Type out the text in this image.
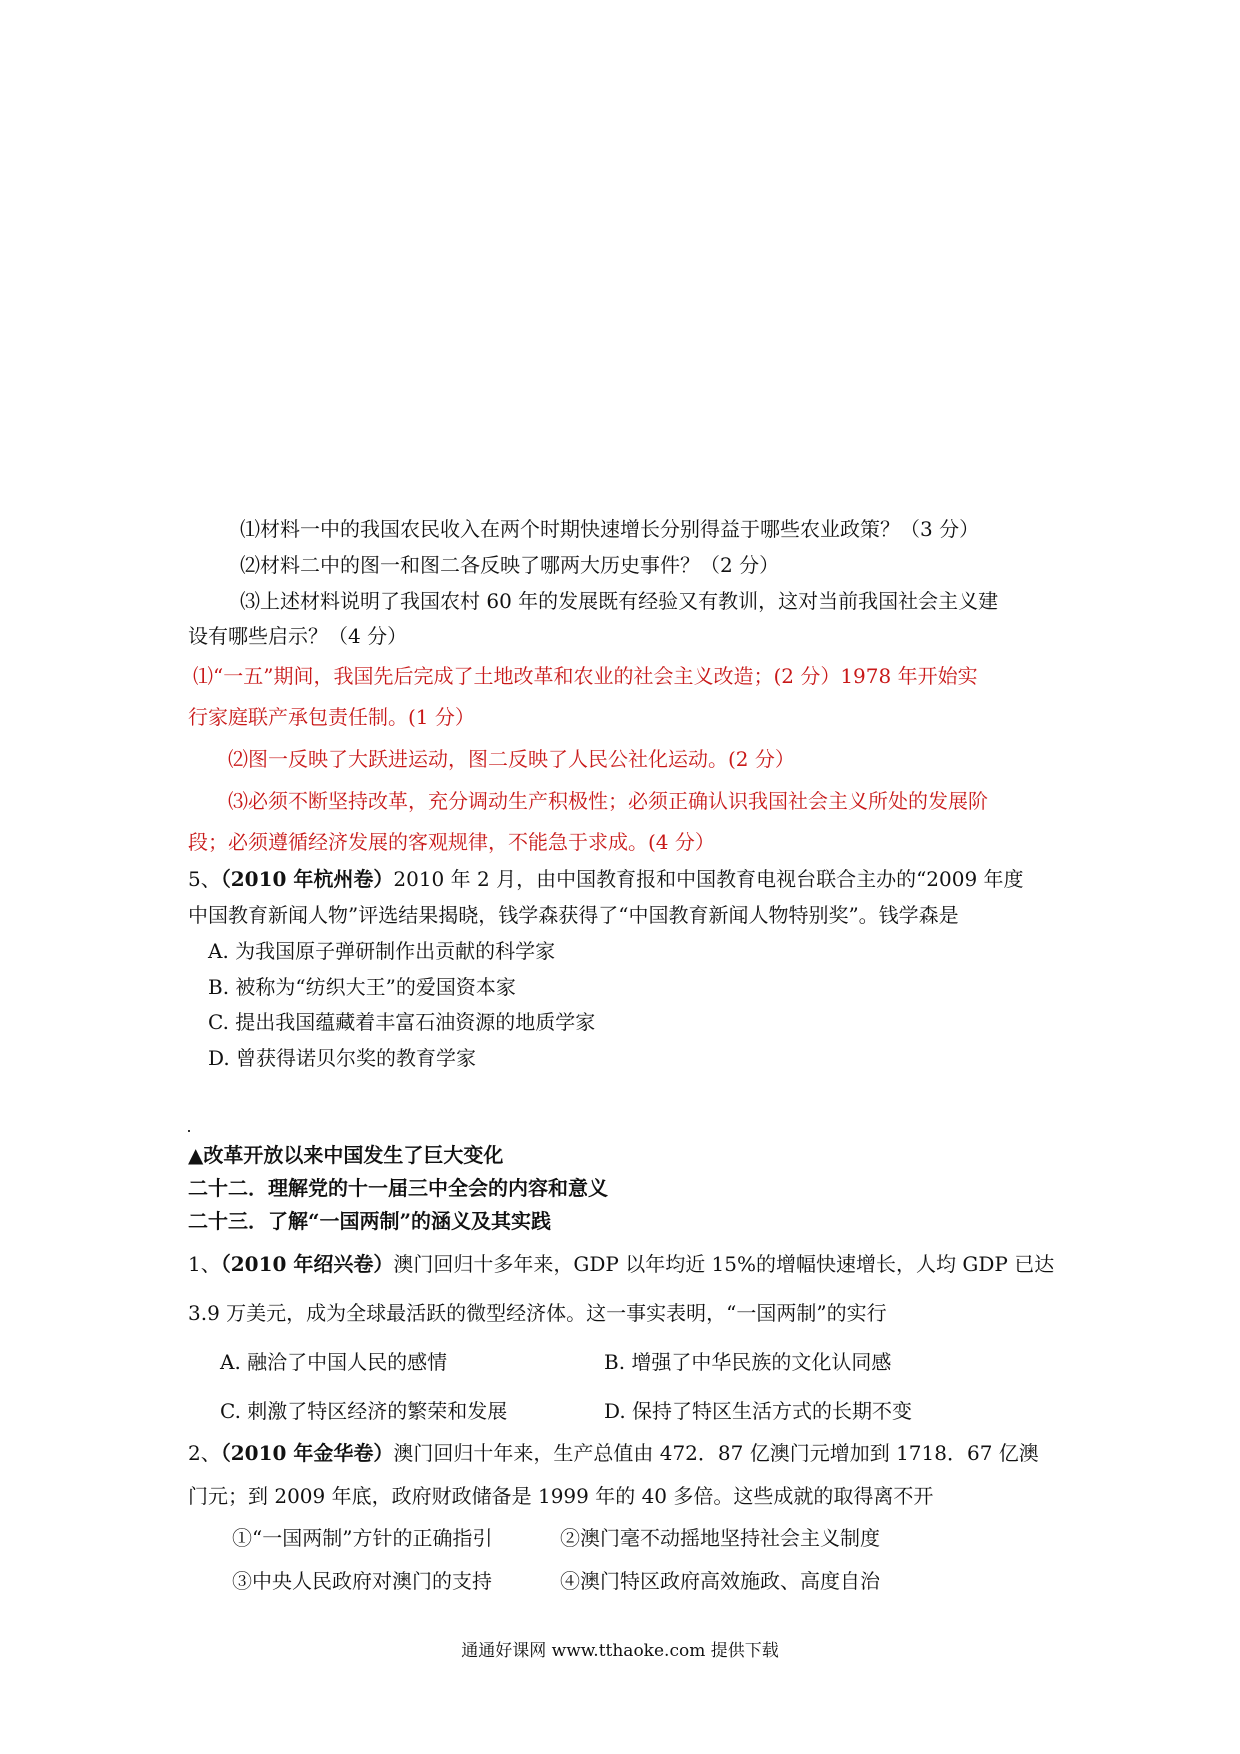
⑴材料一中的我国农民收入在两个时期快速增长分别得益于哪些农业政策？（3 分）
⑵材料二中的图一和图二各反映了哪两大历史事件？（2 分）
⑶上述材料说明了我国农村 60 年的发展既有经验又有教训，这对当前我国社会主义建
设有哪些启示？（4 分）
⑴“一五”期间，我国先后完成了土地改革和农业的社会主义改造；(2 分）1978 年开始实
行家庭联产承包责任制。(1 分）
⑵图一反映了大跃进运动，图二反映了人民公社化运动。(2 分）
⑶必须不断坚持改革，充分调动生产积极性；必须正确认识我国社会主义所处的发展阶
段；必须遵循经济发展的客观规律，不能急于求成。(4 分）
5、（2010 年杭州卷）2010 年 2 月，由中国教育报和中国教育电视台联合主办的“2009 年度
中国教育新闻人物”评选结果揭晓，钱学森获得了“中国教育新闻人物特别奖”。钱学森是
A. 为我国原子弹研制作出贡献的科学家
B. 被称为“纺织大王”的爱国资本家
C. 提出我国蕴藏着丰富石油资源的地质学家
D. 曾获得诺贝尔奖的教育学家
▲改革开放以来中国发生了巨大变化
二十二．理解党的十一届三中全会的内容和意义
二十三．了解“一国两制”的涵义及其实践
1、（2010 年绍兴卷）澳门回归十多年来，GDP 以年均近 15%的增幅快速增长，人均 GDP 已达
3.9 万美元，成为全球最活跃的微型经济体。这一事实表明，“一国两制”的实行
A. 融洽了中国人民的感情	B. 增强了中华民族的文化认同感
C. 刺激了特区经济的繁荣和发展	D. 保持了特区生活方式的长期不变
2、（2010 年金华卷）澳门回归十年来，生产总值由 472．87 亿澳门元增加到 1718．67 亿澳
门元；到 2009 年底，政府财政储备是 1999 年的 40 多倍。这些成就的取得离不开
①“一国两制”方针的正确指引	②澳门毫不动摇地坚持社会主义制度
③中央人民政府对澳门的支持	④澳门特区政府高效施政、高度自治
通通好课网 www.tthaoke.com 提供下载
